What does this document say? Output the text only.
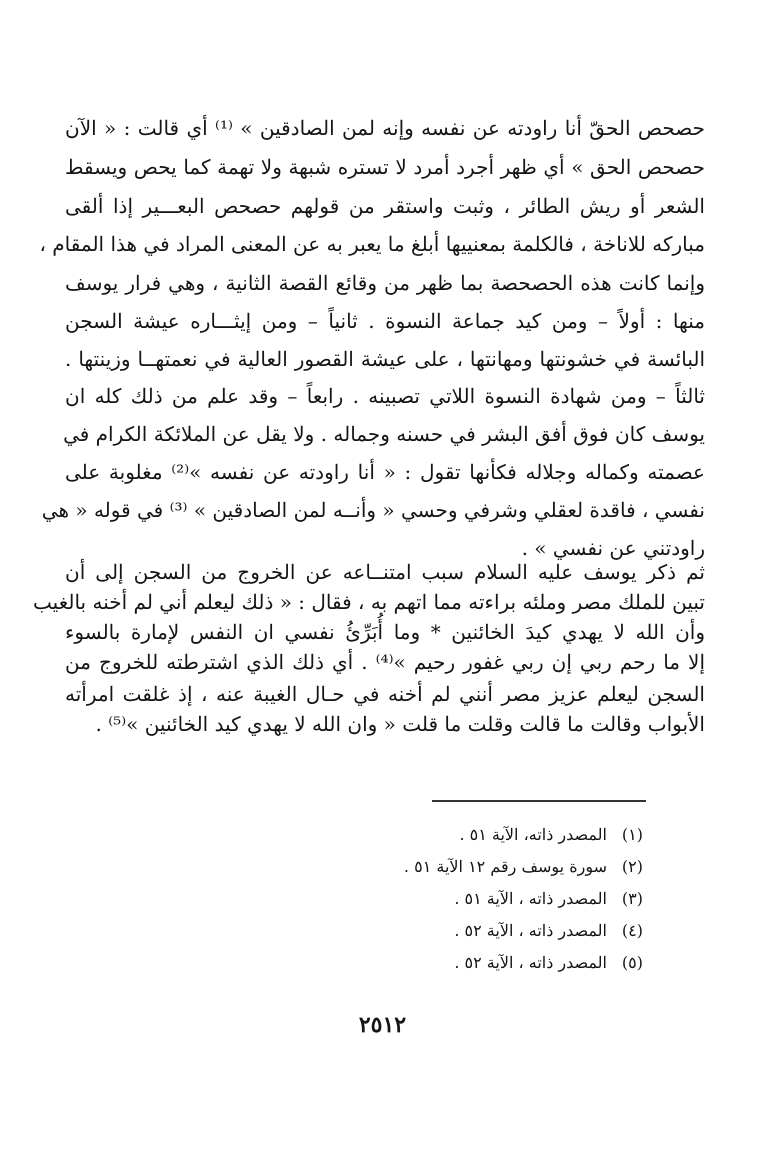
حصحص الحقّ أنا راودته عن نفسه وإنه لمن الصادقين » ⁽¹⁾ أي قالت : « الآن
حصحص الحق » أي ظهر أجرد أمرد لا تستره شبهة ولا تهمة كما يحص ويسقط
الشعر أو ريش الطائر ، وثبت واستقر من قولهم حصحص البعـــير إذا ألقى
مباركه للاناخة ، فالكلمة بمعنييها أبلغ ما يعبر به عن المعنى المراد في هذا المقام ،
وإنما كانت هذه الحصحصة بما ظهر من وقائع القصة الثانية ، وهي فرار يوسف
منها : أولاً – ومن كيد جماعة النسوة . ثانياً – ومن إيثـــاره عيشة السجن
البائسة في خشونتها ومهانتها ، على عيشة القصور العالية في نعمتهــا وزينتها .
ثالثاً – ومن شهادة النسوة اللاتي تصبينه . رابعاً – وقد علم من ذلك كله ان
يوسف كان فوق أفق البشر في حسنه وجماله . ولا يقل عن الملائكة الكرام في
عصمته وكماله وجلاله فكأنها تقول : « أنا راودته عن نفسه »⁽²⁾ مغلوبة على
نفسي ، فاقدة لعقلي وشرفي وحسي « وأنــه لمن الصادقين » ⁽³⁾ في قوله « هي
راودتني عن نفسي » .
ثم ذكر يوسف عليه السلام سبب امتنــاعه عن الخروج من السجن إلى أن
تبين للملك مصر وملئه براءته مما اتهم به ، فقال : « ذلك ليعلم أني لم أخنه بالغيب
وأن الله لا يهدي كيدَ الخائنين * وما أُبَرِّئُ نفسي ان النفس لإمارة بالسوء
إلا ما رحم ربي إن ربي غفور رحيم »⁽⁴⁾ . أي ذلك الذي اشترطته للخروج من
السجن ليعلم عزيز مصر أنني لم أخنه في حـال الغيبة عنه ، إذ غلقت امرأته
الأبواب وقالت ما قالت وقلت ما قلت « وان الله لا يهدي كيد الخائنين »⁽⁵⁾ .
(١)
المصدر ذاته، الآية ٥١ .
(٢)
سورة يوسف رقم ١٢ الآية ٥١ .
(٣)
المصدر ذاته ، الآية ٥١ .
(٤)
المصدر ذاته ، الآية ٥٢ .
(٥)
المصدر ذاته ، الآية ٥٢ .
٢٥١٢
